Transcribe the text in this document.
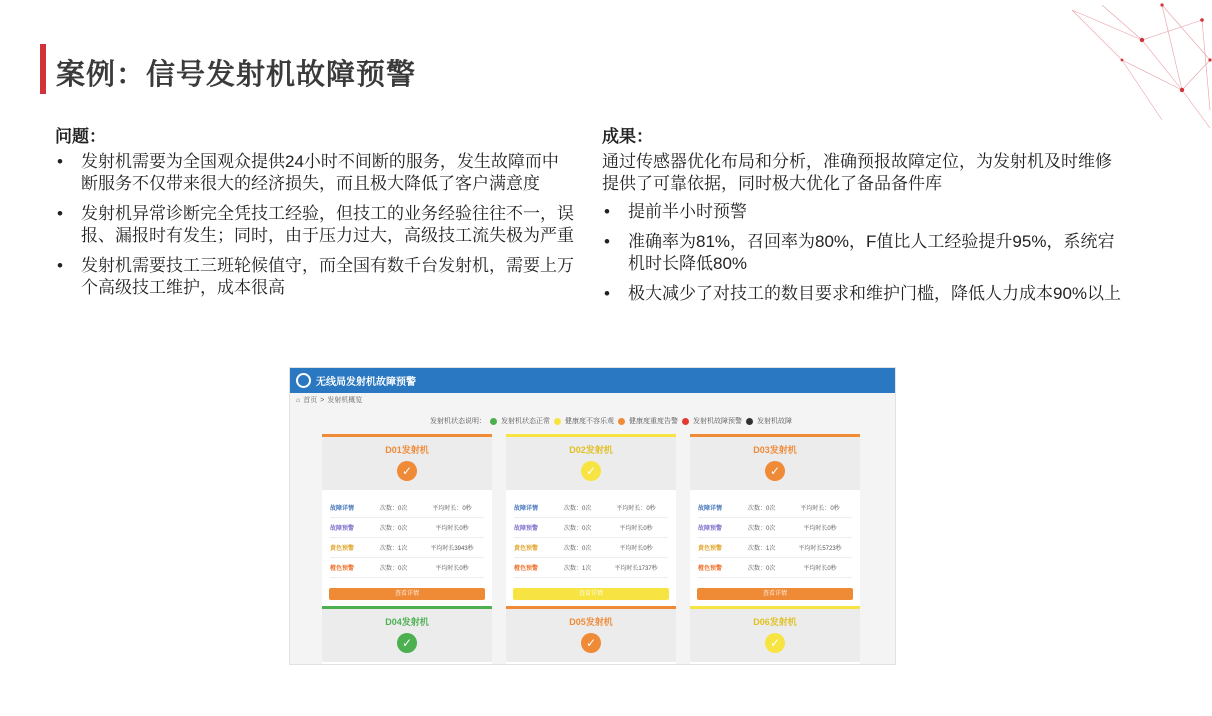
案例：信号发射机故障预警
问题：
• 发射机需要为全国观众提供24小时不间断的服务，发生故障而中断服务不仅带来很大的经济损失，而且极大降低了客户满意度
• 发射机异常诊断完全凭技工经验，但技工的业务经验往往不一，误报、漏报时有发生；同时，由于压力过大，高级技工流失极为严重
• 发射机需要技工三班轮候值守，而全国有数千台发射机，需要上万个高级技工维护，成本很高
成果：
通过传感器优化布局和分析，准确预报故障定位，为发射机及时维修提供了可靠依据，同时极大优化了备品备件库
• 提前半小时预警
• 准确率为81%，召回率为80%，F值比人工经验提升95%，系统宕机时长降低80%
• 极大减少了对技工的数目要求和维护门槛，降低人力成本90%以上
无线局发射机故障预警
⌂ 首页 > 发射机概览
发射机状态说明： 发射机状态正常 健康度不容乐观 健康度重度告警 发射机故障预警 发射机故障
D01发射机
✓
故障详情	次数：0次	平均时长：0秒
故障预警	次数：0次	平均时长0秒
黄色预警	次数：1次	平均时长3943秒
橙色预警	次数：0次	平均时长0秒
查看详情
D02发射机
✓
故障详情	次数：0次	平均时长：0秒
故障预警	次数：0次	平均时长0秒
黄色预警	次数：0次	平均时长0秒
橙色预警	次数：1次	平均时长1737秒
查看详情
D03发射机
✓
故障详情	次数：0次	平均时长：0秒
故障预警	次数：0次	平均时长0秒
黄色预警	次数：1次	平均时长5723秒
橙色预警	次数：0次	平均时长0秒
查看详情
D04发射机
✓
D05发射机
✓
D06发射机
✓
